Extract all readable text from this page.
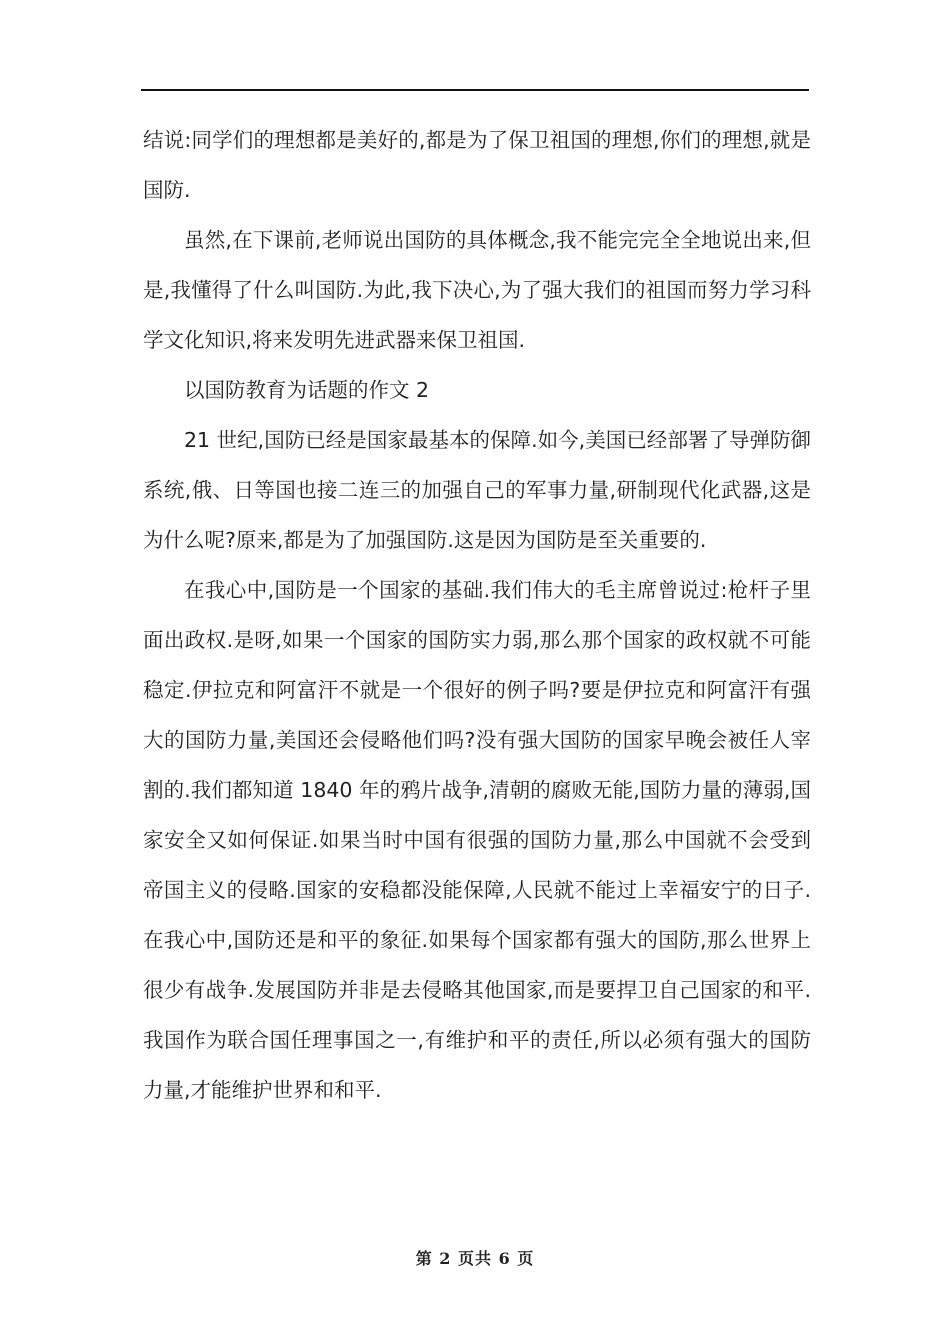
结说:同学们的理想都是美好的,都是为了保卫祖国的理想,你们的理想,就是国防.

虽然,在下课前,老师说出国防的具体概念,我不能完完全全地说出来,但是,我懂得了什么叫国防.为此,我下决心,为了强大我们的祖国而努力学习科学文化知识,将来发明先进武器来保卫祖国.

以国防教育为话题的作文 2

21 世纪,国防已经是国家最基本的保障.如今,美国已经部署了导弹防御系统,俄、日等国也接二连三的加强自己的军事力量,研制现代化武器,这是为什么呢?原来,都是为了加强国防.这是因为国防是至关重要的.

在我心中,国防是一个国家的基础.我们伟大的毛主席曾说过:枪杆子里面出政权.是呀,如果一个国家的国防实力弱,那么那个国家的政权就不可能稳定.伊拉克和阿富汗不就是一个很好的例子吗?要是伊拉克和阿富汗有强大的国防力量,美国还会侵略他们吗?没有强大国防的国家早晚会被任人宰割的.我们都知道 1840 年的鸦片战争,清朝的腐败无能,国防力量的薄弱,国家安全又如何保证.如果当时中国有很强的国防力量,那么中国就不会受到帝国主义的侵略.国家的安稳都没能保障,人民就不能过上幸福安宁的日子.在我心中,国防还是和平的象征.如果每个国家都有强大的国防,那么世界上很少有战争.发展国防并非是去侵略其他国家,而是要捍卫自己国家的和平.我国作为联合国任理事国之一,有维护和平的责任,所以必须有强大的国防力量,才能维护世界和和平.

第 2 页共 6 页
